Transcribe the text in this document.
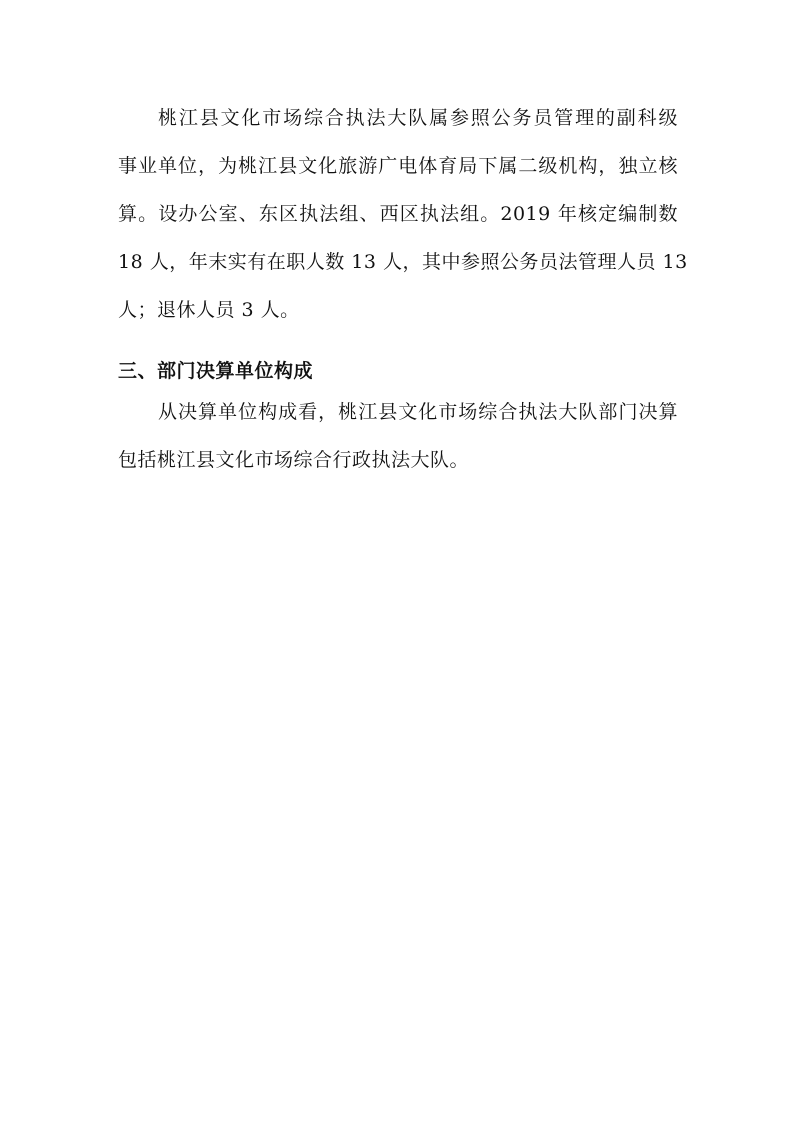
桃江县文化市场综合执法大队属参照公务员管理的副科级
事业单位，为桃江县文化旅游广电体育局下属二级机构，独立核
算。设办公室、东区执法组、西区执法组。2019 年核定编制数
18 人，年末实有在职人数 13 人，其中参照公务员法管理人员 13
人；退休人员 3 人。
三、部门决算单位构成
从决算单位构成看，桃江县文化市场综合执法大队部门决算
包括桃江县文化市场综合行政执法大队。
